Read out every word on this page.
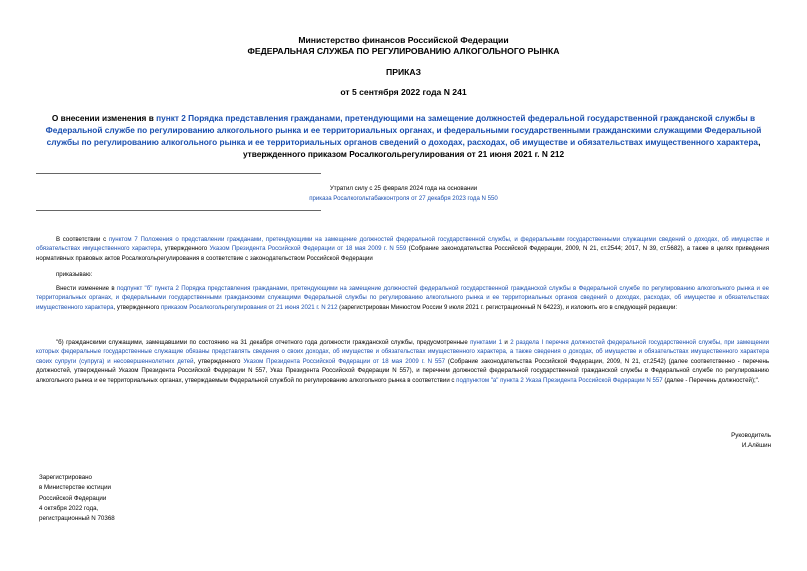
Министерство финансов Российской Федерации
ФЕДЕРАЛЬНАЯ СЛУЖБА ПО РЕГУЛИРОВАНИЮ АЛКОГОЛЬНОГО РЫНКА
ПРИКАЗ
от 5 сентября 2022 года N 241
О внесении изменения в пункт 2 Порядка представления гражданами, претендующими на замещение должностей федеральной государственной гражданской службы в Федеральной службе по регулированию алкогольного рынка и ее территориальных органах, и федеральными государственными гражданскими служащими Федеральной службы по регулированию алкогольного рынка и ее территориальных органов сведений о доходах, расходах, об имуществе и обязательствах имущественного характера, утвержденного приказом Росалкогольрегулирования от 21 июня 2021 г. N 212
Утратил силу с 25 февраля 2024 года на основании
приказа Росалкогольтабакконтроля от 27 декабря 2023 года N 550
В соответствии с пунктом 7 Положения о представлении гражданами, претендующими на замещение должностей федеральной государственной службы, и федеральными государственными служащими сведений о доходах, об имуществе и обязательствах имущественного характера, утвержденного Указом Президента Российской Федерации от 18 мая 2009 г. N 559 (Собрание законодательства Российской Федерации, 2009, N 21, ст.2544; 2017, N 39, ст.5682), а также в целях приведения нормативных правовых актов Росалкогольрегулирования в соответствие с законодательством Российской Федерации
приказываю:
Внести изменение в подпункт "б" пункта 2 Порядка представления гражданами, претендующими на замещение должностей федеральной государственной гражданской службы в Федеральной службе по регулированию алкогольного рынка и ее территориальных органах, и федеральными государственными гражданскими служащими Федеральной службы по регулированию алкогольного рынка и ее территориальных органов сведений о доходах, расходах, об имуществе и обязательствах имущественного характера, утвержденного приказом Росалкогольрегулирования от 21 июня 2021 г. N 212 (зарегистрирован Минюстом России 9 июля 2021 г. регистрационный N 64223), и изложить его в следующей редакции:
"б) гражданскими служащими, замещавшими по состоянию на 31 декабря отчетного года должности гражданской службы, предусмотренные пунктами 1 и 2 раздела I перечня должностей федеральной государственной службы, при замещении которых федеральные государственные служащие обязаны представлять сведения о своих доходах, об имуществе и обязательствах имущественного характера, а также сведения о доходах, об имуществе и обязательствах имущественного характера своих супруги (супруга) и несовершеннолетних детей, утвержденного Указом Президента Российской Федерации от 18 мая 2009 г. N 557 (Собрание законодательства Российской Федерации, 2009, N 21, ст.2542) (далее соответственно - перечень должностей, утвержденный Указом Президента Российской Федерации N 557, Указ Президента Российской Федерации N 557), и перечнем должностей федеральной государственной гражданской службы в Федеральной службе по регулированию алкогольного рынка и ее территориальных органах, утверждаемым Федеральной службой по регулированию алкогольного рынка в соответствии с подпунктом "а" пункта 2 Указа Президента Российской Федерации N 557 (далее - Перечень должностей);".
Руководитель
И.Алёшин
Зарегистрировано
в Министерстве юстиции
Российской Федерации
4 октября 2022 года,
регистрационный N 70368
